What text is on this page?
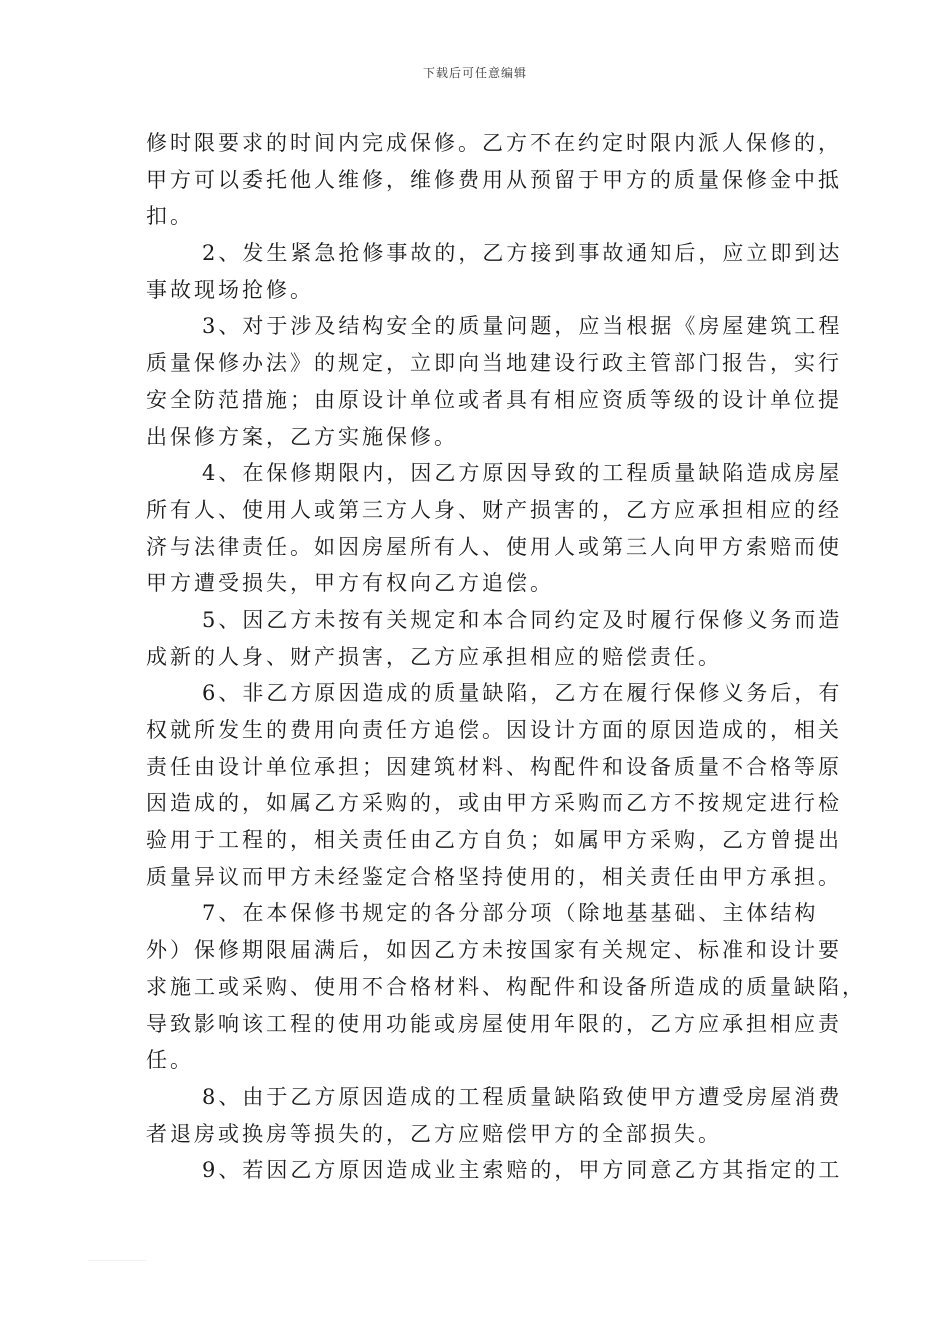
下载后可任意编辑
修时限要求的时间内完成保修。乙方不在约定时限内派人保修的，
甲方可以委托他人维修，维修费用从预留于甲方的质量保修金中抵
扣。
2、发生紧急抢修事故的，乙方接到事故通知后，应立即到达
事故现场抢修。
3、对于涉及结构安全的质量问题，应当根据《房屋建筑工程
质量保修办法》的规定，立即向当地建设行政主管部门报告，实行
安全防范措施；由原设计单位或者具有相应资质等级的设计单位提
出保修方案，乙方实施保修。
4、在保修期限内，因乙方原因导致的工程质量缺陷造成房屋
所有人、使用人或第三方人身、财产损害的，乙方应承担相应的经
济与法律责任。如因房屋所有人、使用人或第三人向甲方索赔而使
甲方遭受损失，甲方有权向乙方追偿。
5、因乙方未按有关规定和本合同约定及时履行保修义务而造
成新的人身、财产损害，乙方应承担相应的赔偿责任。
6、非乙方原因造成的质量缺陷，乙方在履行保修义务后，有
权就所发生的费用向责任方追偿。因设计方面的原因造成的，相关
责任由设计单位承担；因建筑材料、构配件和设备质量不合格等原
因造成的，如属乙方采购的，或由甲方采购而乙方不按规定进行检
验用于工程的，相关责任由乙方自负；如属甲方采购，乙方曾提出
质量异议而甲方未经鉴定合格坚持使用的，相关责任由甲方承担。
7、在本保修书规定的各分部分项（除地基基础、主体结构
外）保修期限届满后，如因乙方未按国家有关规定、标准和设计要
求施工或采购、使用不合格材料、构配件和设备所造成的质量缺陷，
导致影响该工程的使用功能或房屋使用年限的，乙方应承担相应责
任。
8、由于乙方原因造成的工程质量缺陷致使甲方遭受房屋消费
者退房或换房等损失的，乙方应赔偿甲方的全部损失。
9、若因乙方原因造成业主索赔的，甲方同意乙方其指定的工
